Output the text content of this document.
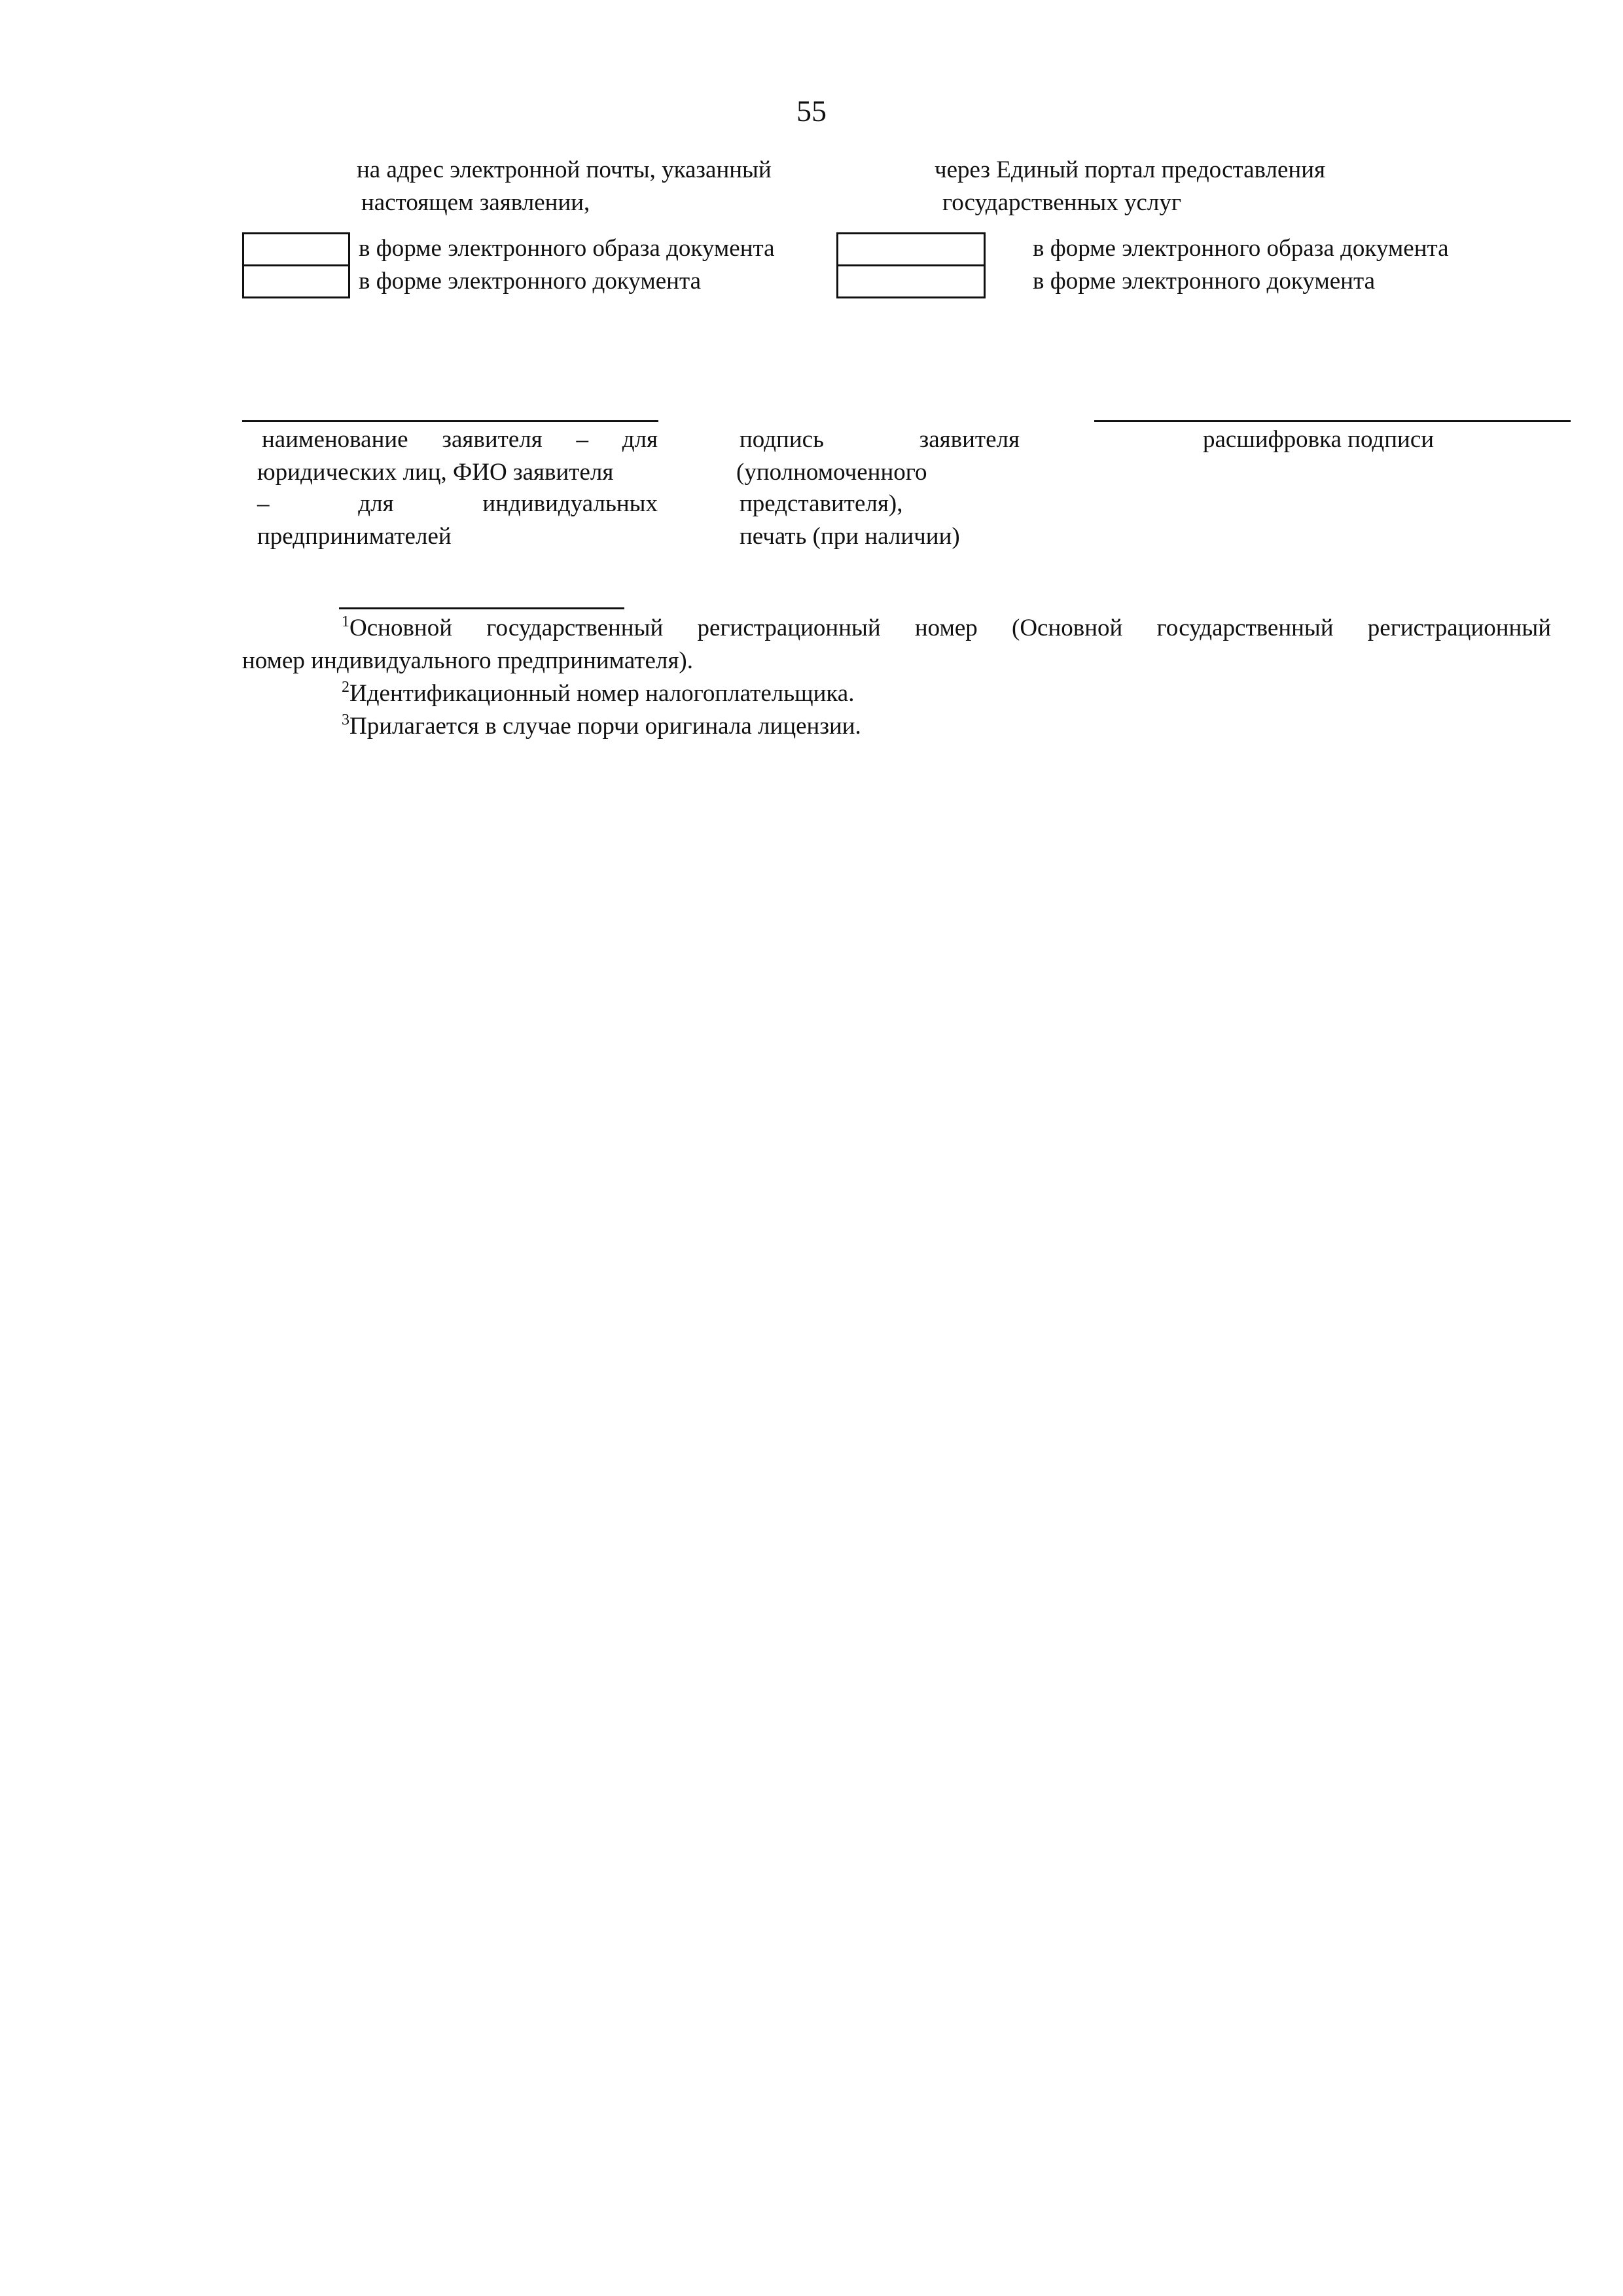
55
на адрес электронной почты, указанный
настоящем заявлении,
через Единый портал предоставления
государственных услуг
в форме электронного образа документа
в форме электронного документа
в форме электронного образа документа
в форме электронного документа
наименование заявителя – для
юридических лиц, ФИО заявителя
–	для	индивидуальных
предпринимателей
подпись	заявителя
(уполномоченного
представителя),
печать (при наличии)
расшифровка подписи
$^1$Основной государственный регистрационный номер (Основной государственный регистрационный
номер индивидуального предпринимателя).
$^2$Идентификационный номер налогоплательщика.
$^3$Прилагается в случае порчи оригинала лицензии.
